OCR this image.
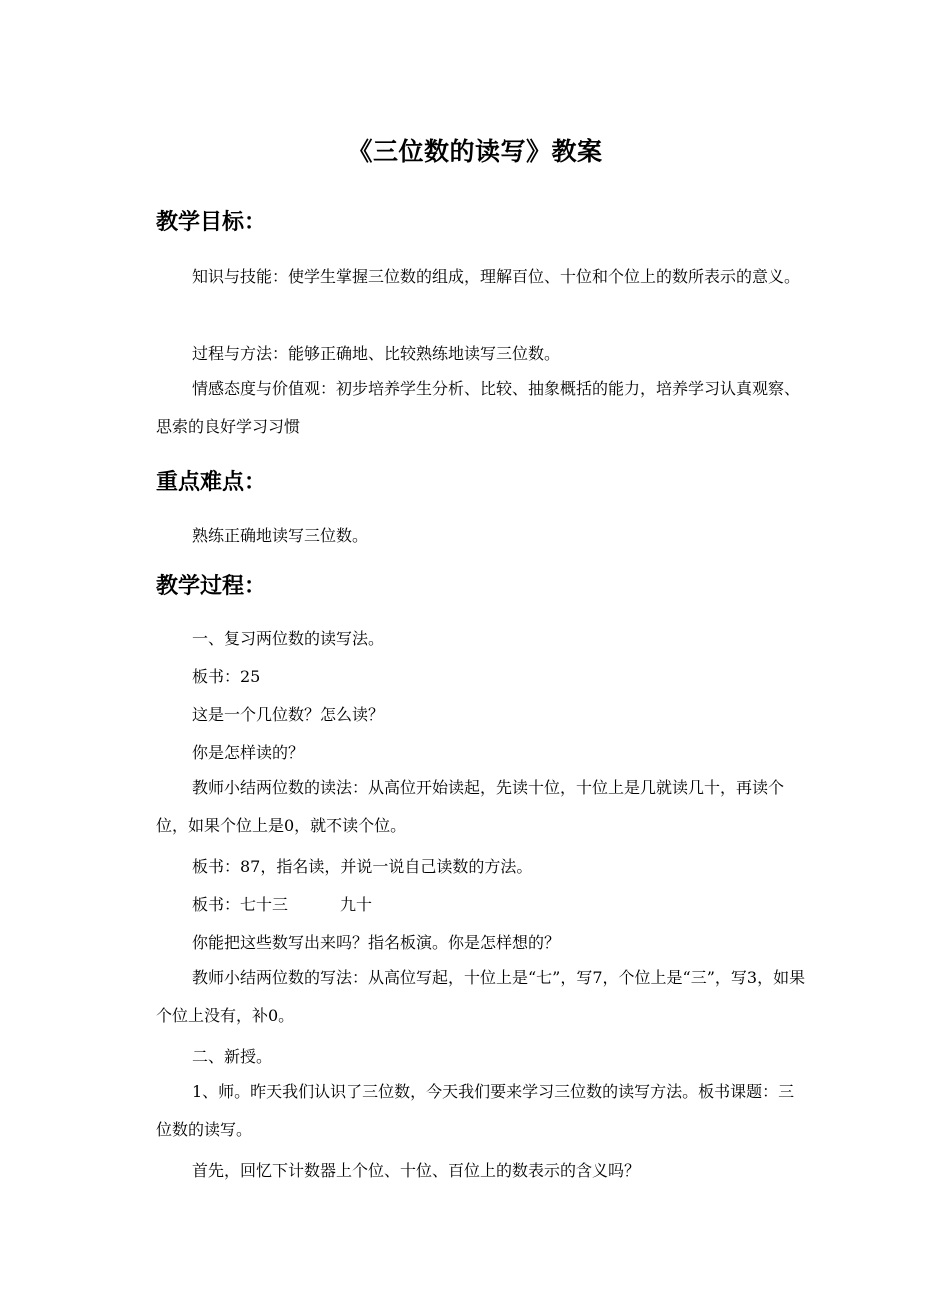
《三位数的读写》教案
教学目标：
知识与技能：使学生掌握三位数的组成，理解百位、十位和个位上的数所表示的意义。
过程与方法：能够正确地、比较熟练地读写三位数。
情感态度与价值观：初步培养学生分析、比较、抽象概括的能力，培养学习认真观察、思索的良好学习习惯
重点难点：
熟练正确地读写三位数。
教学过程：
一、复习两位数的读写法。
板书：25
这是一个几位数？怎么读？
你是怎样读的？
教师小结两位数的读法：从高位开始读起，先读十位，十位上是几就读几十，再读个位，如果个位上是0，就不读个位。
板书：87，指名读，并说一说自己读数的方法。
板书：七十三	九十
你能把这些数写出来吗？指名板演。你是怎样想的？
教师小结两位数的写法：从高位写起，十位上是“七”，写7，个位上是“三”，写3，如果个位上没有，补0。
二、新授。
1、师。昨天我们认识了三位数，今天我们要来学习三位数的读写方法。板书课题：三位数的读写。
首先，回忆下计数器上个位、十位、百位上的数表示的含义吗？
